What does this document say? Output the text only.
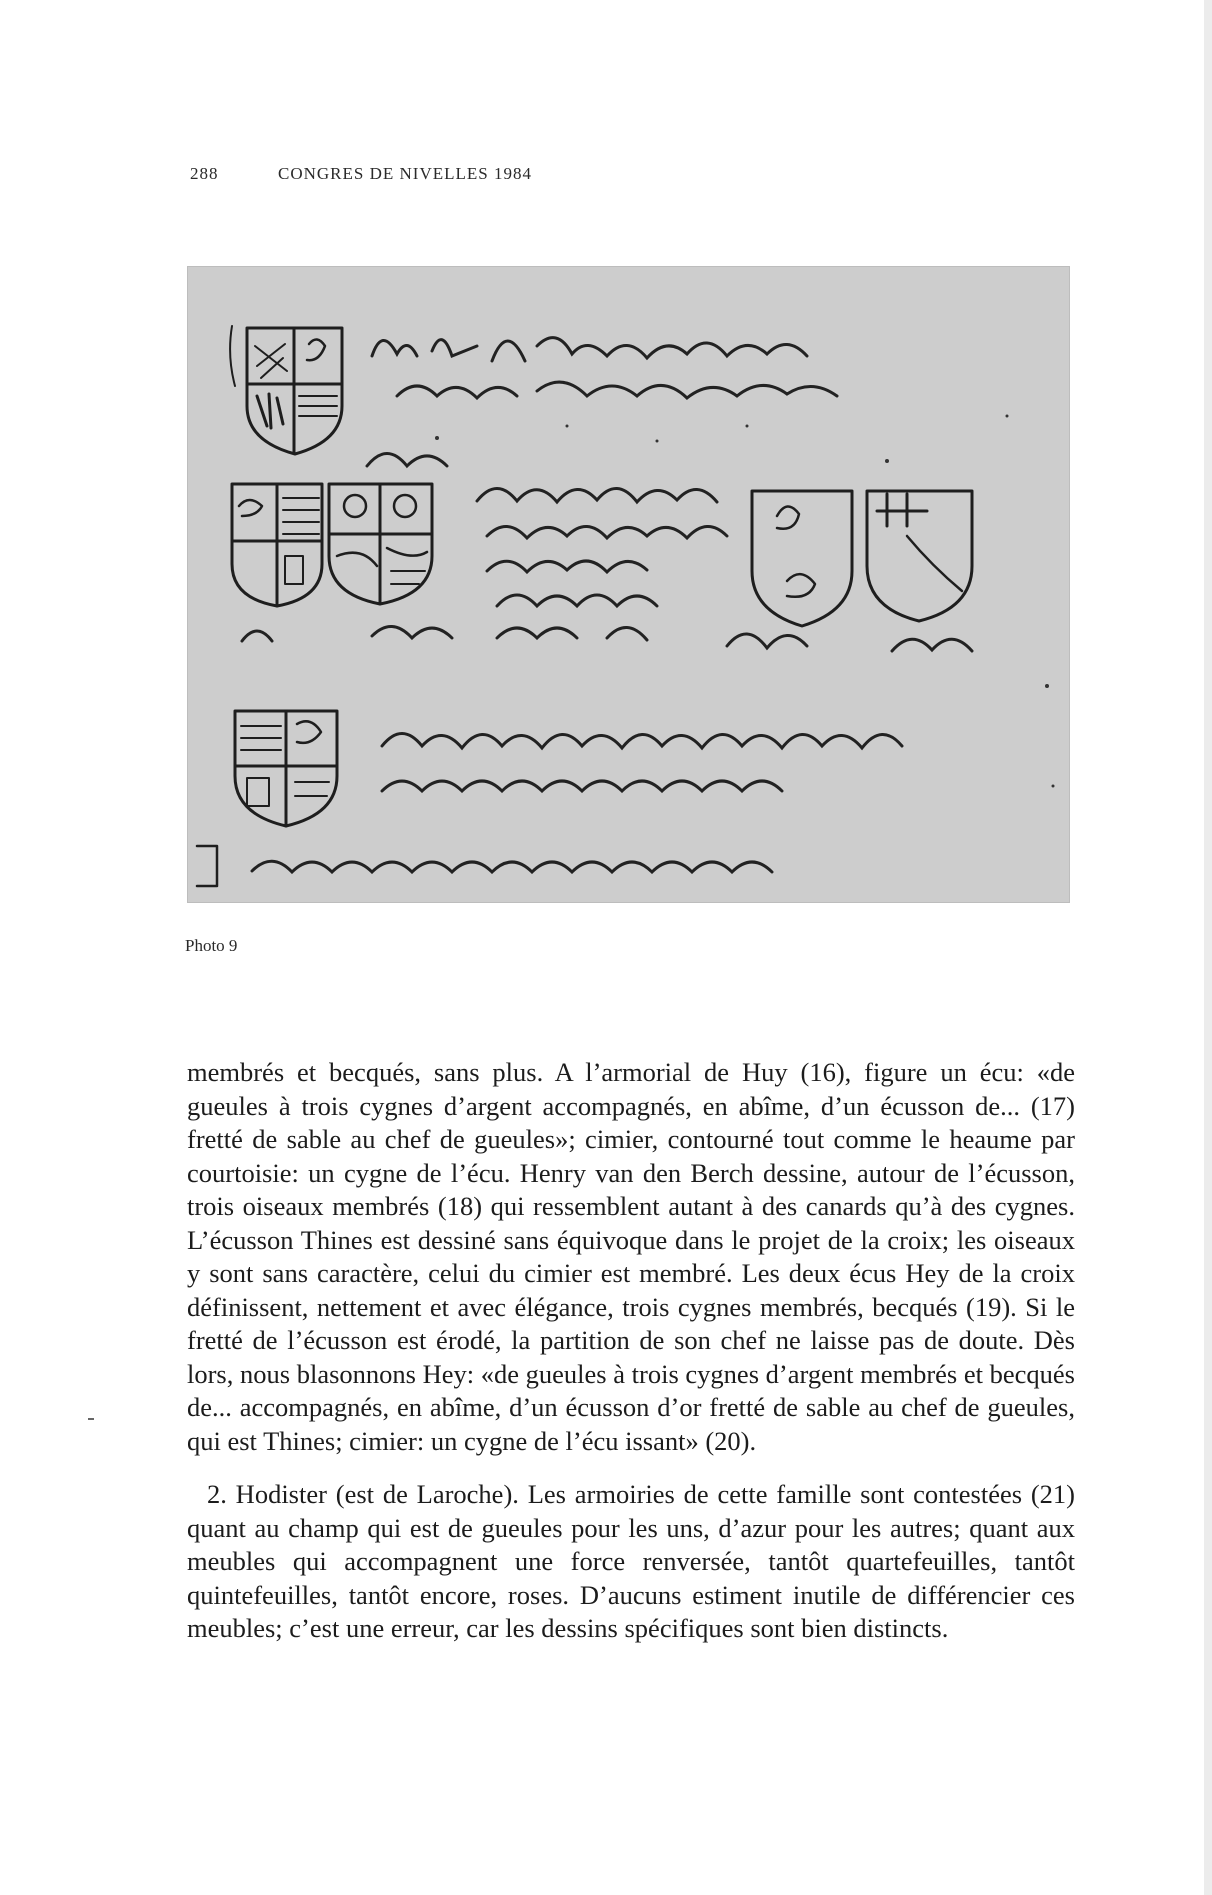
288	CONGRES DE NIVELLES 1984
Photo 9

membrés et becqués, sans plus. A l’armorial de Huy (16), figure un écu: «de gueules à trois cygnes d’argent accompagnés, en abîme, d’un écusson de... (17) fretté de sable au chef de gueules»; cimier, contourné tout comme le heaume par courtoisie: un cygne de l’écu. Henry van den Berch dessine, autour de l’écusson, trois oiseaux membrés (18) qui ressemblent autant à des canards qu’à des cygnes. L’écusson Thines est dessiné sans équivoque dans le projet de la croix; les oiseaux y sont sans caractère, celui du cimier est membré. Les deux écus Hey de la croix définissent, nettement et avec élégance, trois cygnes membrés, becqués (19). Si le fretté de l’écusson est érodé, la partition de son chef ne laisse pas de doute. Dès lors, nous blasonnons Hey: «de gueules à trois cygnes d’argent membrés et becqués de... accompagnés, en abîme, d’un écusson d’or fretté de sable au chef de gueules, qui est Thines; cimier: un cygne de l’écu issant» (20).

2. Hodister (est de Laroche). Les armoiries de cette famille sont contestées (21) quant au champ qui est de gueules pour les uns, d’azur pour les autres; quant aux meubles qui accompagnent une force renversée, tantôt quartefeuilles, tantôt quintefeuilles, tantôt encore, roses. D’aucuns estiment inutile de différencier ces meubles; c’est une erreur, car les dessins spécifiques sont bien distincts.
